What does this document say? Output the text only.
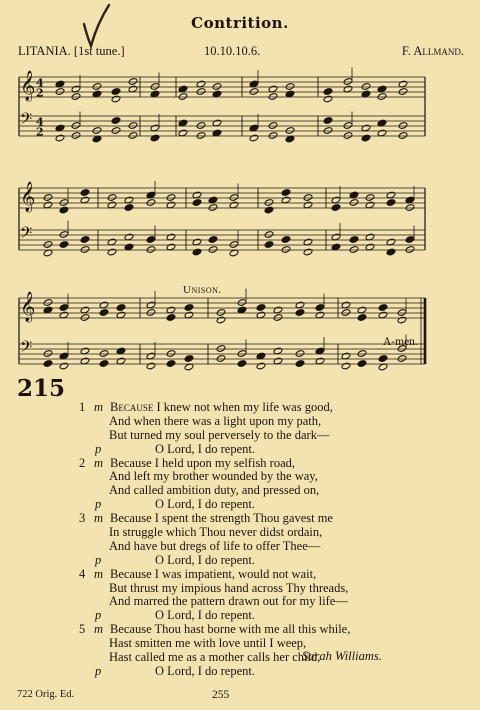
Contrition.
LITANIA. [1st tune.]	10.10.10.6.	F. Allmand.
𝄞 4
2
𝄢 4
2
𝄞
𝄢
𝄞
𝄢
Unison.
A-men.
215
1 m Because I knew not when my life was good,
And when there was a light upon my path,
But turned my soul perversely to the dark—
p	O Lord, I do repent.
2 m Because I held upon my selfish road,
And left my brother wounded by the way,
And called ambition duty, and pressed on,
p	O Lord, I do repent.
3 m Because I spent the strength Thou gavest me
In struggle which Thou never didst ordain,
And have but dregs of life to offer Thee—
p	O Lord, I do repent.
4 m Because I was impatient, would not wait,
But thrust my impious hand across Thy threads,
And marred the pattern drawn out for my life—
p	O Lord, I do repent.
5 m Because Thou hast borne with me all this while,
Hast smitten me with love until I weep,
Hast called me as a mother calls her child,
p	O Lord, I do repent.
Sarah Williams.
722 Orig. Ed.	255
